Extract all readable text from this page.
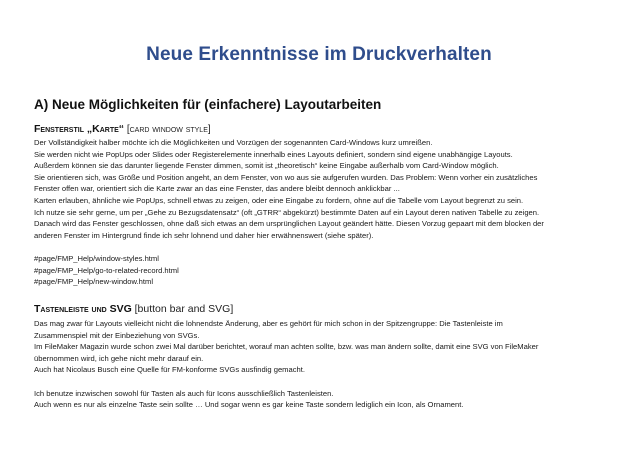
Neue Erkenntnisse im Druckverhalten
A) Neue Möglichkeiten für (einfachere) Layoutarbeiten
Fensterstil „Karte“ [card window style]
Der Vollständigkeit halber möchte ich die Möglichkeiten und Vorzügen der sogenannten Card-Windows kurz umreißen.
Sie werden nicht wie PopUps oder Slides oder Registerelemente innerhalb eines Layouts definiert, sondern sind eigene unabhängige Layouts.
Außerdem können sie das darunter liegende Fenster dimmen, somit ist „theoretisch“ keine Eingabe außerhalb vom Card-Window möglich.
Sie orientieren sich, was Größe und Position angeht, an dem Fenster, von wo aus sie aufgerufen wurden. Das Problem: Wenn vorher ein zusätzliches
Fenster offen war, orientiert sich die Karte zwar an das eine Fenster, das andere bleibt dennoch anklickbar ...
Karten erlauben, ähnliche wie PopUps, schnell etwas zu zeigen, oder eine Eingabe zu fordern, ohne auf die Tabelle vom Layout begrenzt zu sein.
Ich nutze sie sehr gerne, um per „Gehe zu Bezugsdatensatz“ (oft „GTRR“ abgekürzt) bestimmte Daten auf ein Layout deren nativen Tabelle zu zeigen.
Danach wird das Fenster geschlossen, ohne daß sich etwas an dem ursprünglichen Layout geändert hätte. Diesen Vorzug gepaart mit dem blocken der
anderen Fenster im Hintergrund finde ich sehr lohnend und daher hier erwähnenswert (siehe später).
#page/FMP_Help/window-styles.html
#page/FMP_Help/go-to-related-record.html
#page/FMP_Help/new-window.html
Tastenleiste und SVG [button bar and SVG]
Das mag zwar für Layouts vielleicht nicht die lohnendste Änderung, aber es gehört für mich schon in der Spitzengruppe: Die Tastenleiste im
Zusammenspiel mit der Einbeziehung von SVGs.
Im FileMaker Magazin wurde schon zwei Mal darüber berichtet, worauf man achten sollte, bzw. was man ändern sollte, damit eine SVG von FileMaker
übernommen wird, ich gehe nicht mehr darauf ein.
Auch hat Nicolaus Busch eine Quelle für FM-konforme SVGs ausfindig gemacht.
Ich benutze inzwischen sowohl für Tasten als auch für Icons ausschließlich Tastenleisten.
Auch wenn es nur als einzelne Taste sein sollte … Und sogar wenn es gar keine Taste sondern lediglich ein Icon, als Ornament.
